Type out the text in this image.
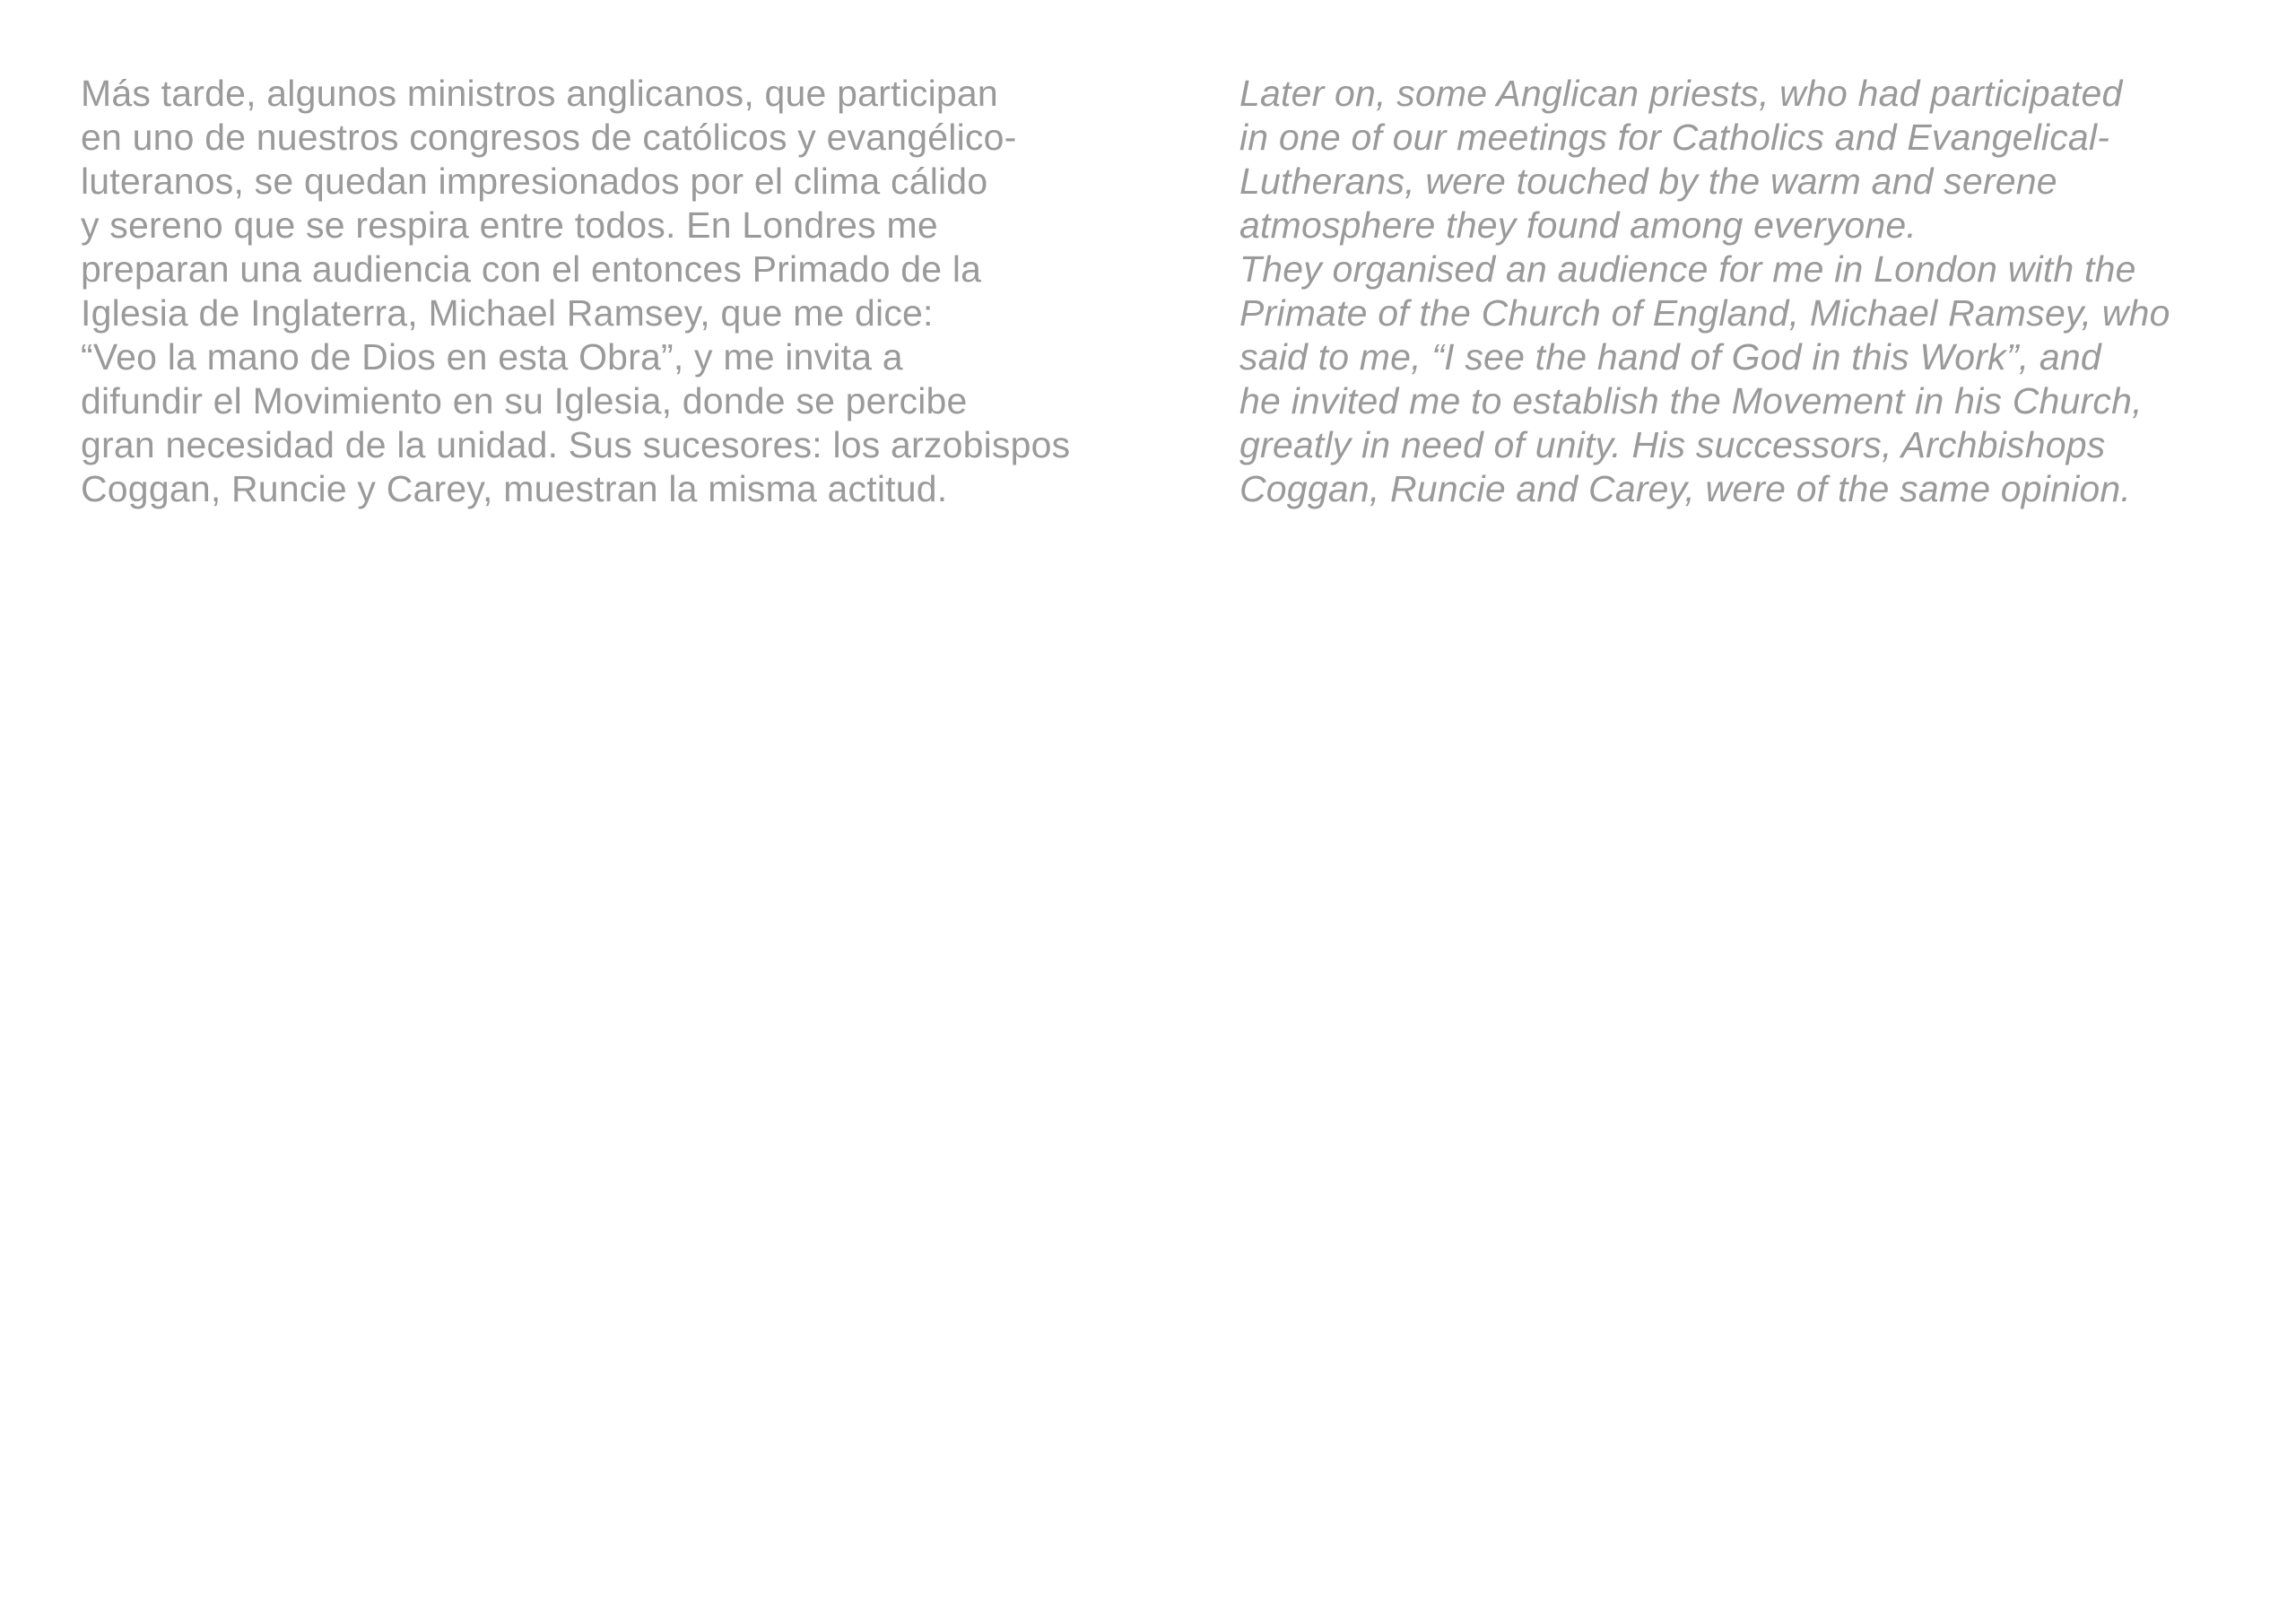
Más tarde, algunos ministros anglicanos, que participan
en uno de nuestros congresos de católicos y evangélico-
luteranos, se quedan impresionados por el clima cálido
y sereno que se respira entre todos. En Londres me
preparan una audiencia con el entonces Primado de la
Iglesia de Inglaterra, Michael Ramsey, que me dice:
“Veo la mano de Dios en esta Obra”, y me invita a
difundir el Movimiento en su Iglesia, donde se percibe
gran necesidad de la unidad. Sus sucesores: los arzobispos
Coggan, Runcie y Carey, muestran la misma actitud.
Later on, some Anglican priests, who had participated
in one of our meetings for Catholics and Evangelical-
Lutherans, were touched by the warm and serene
atmosphere they found among everyone.
They organised an audience for me in London with the
Primate of the Church of England, Michael Ramsey, who
said to me, “I see the hand of God in this Work”, and
he invited me to establish the Movement in his Church,
greatly in need of unity. His successors, Archbishops
Coggan, Runcie and Carey, were of the same opinion.
